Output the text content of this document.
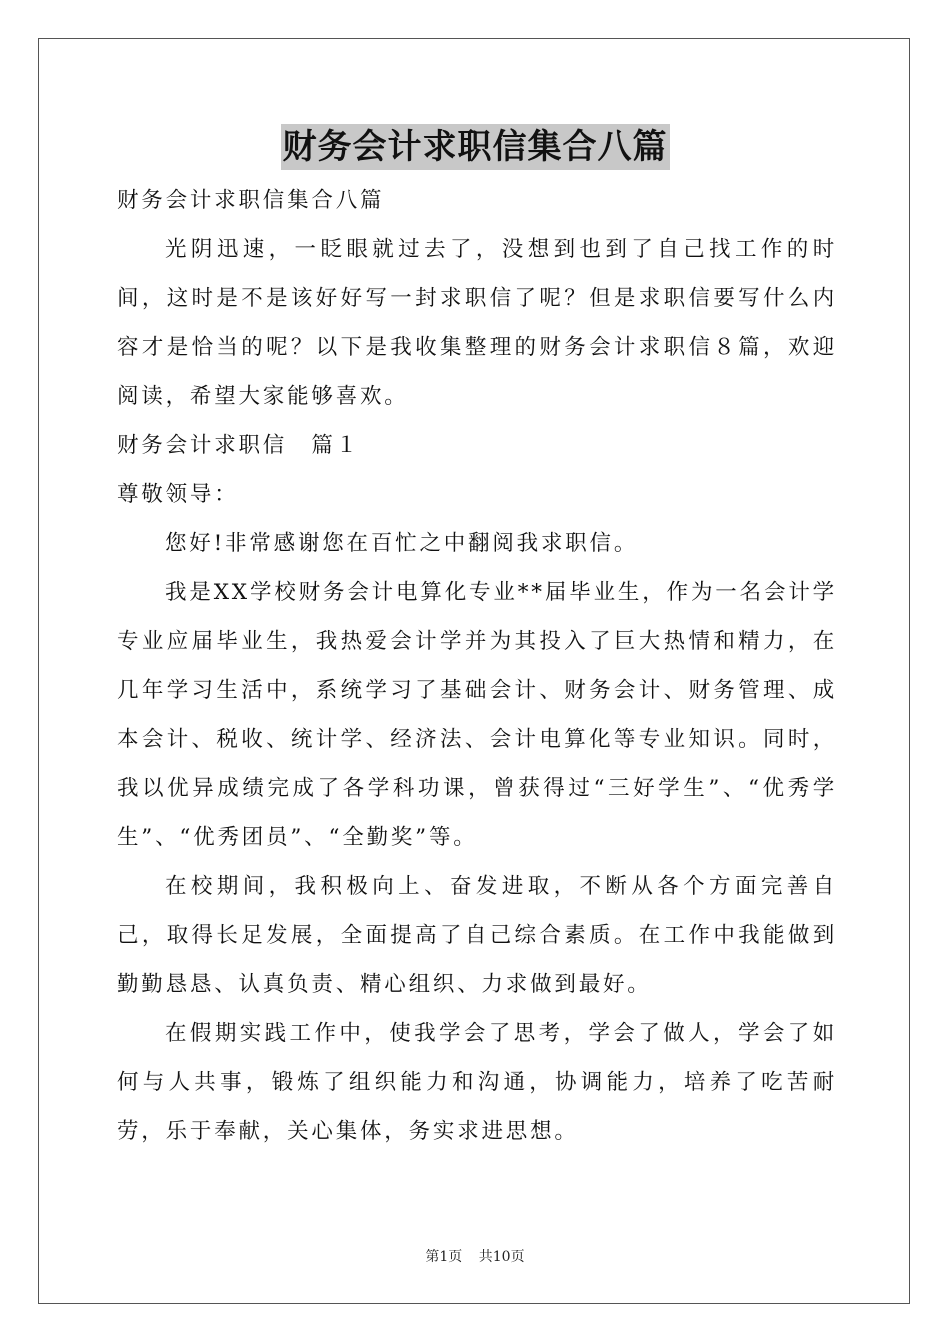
财务会计求职信集合八篇

财务会计求职信集合八篇

光阴迅速，一眨眼就过去了，没想到也到了自己找工作的时间，这时是不是该好好写一封求职信了呢？但是求职信要写什么内容才是恰当的呢？以下是我收集整理的财务会计求职信８篇，欢迎阅读，希望大家能够喜欢。

财务会计求职信　篇１

尊敬领导：

您好!非常感谢您在百忙之中翻阅我求职信。

我是XX学校财务会计电算化专业**届毕业生，作为一名会计学专业应届毕业生，我热爱会计学并为其投入了巨大热情和精力，在几年学习生活中，系统学习了基础会计、财务会计、财务管理、成本会计、税收、统计学、经济法、会计电算化等专业知识。同时，我以优异成绩完成了各学科功课，曾获得过“三好学生”、“优秀学生”、“优秀团员”、“全勤奖”等。

在校期间，我积极向上、奋发进取，不断从各个方面完善自己，取得长足发展，全面提高了自己综合素质。在工作中我能做到勤勤恳恳、认真负责、精心组织、力求做到最好。

在假期实践工作中，使我学会了思考，学会了做人，学会了如何与人共事，锻炼了组织能力和沟通，协调能力，培养了吃苦耐劳，乐于奉献，关心集体，务实求进思想。

第1页 共10页
